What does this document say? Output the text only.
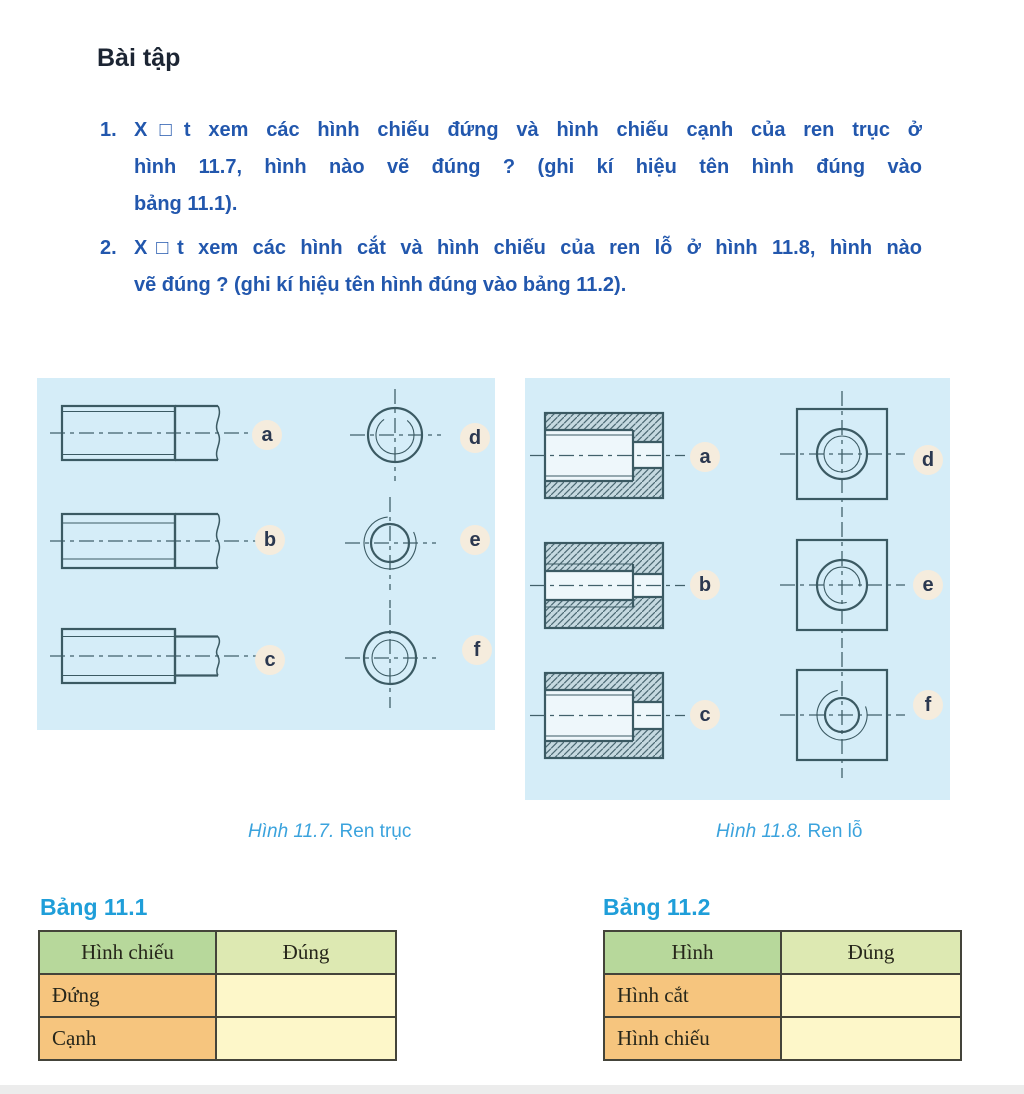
Bài tập
1. X□t xem các hình chiếu đứng và hình chiếu cạnh của ren trục ở
hình 11.7, hình nào vẽ đúng ? (ghi kí hiệu tên hình đúng vào
bảng 11.1).
2. X□t xem các hình cắt và hình chiếu của ren lỗ ở hình 11.8, hình nào
vẽ đúng ? (ghi kí hiệu tên hình đúng vào bảng 11.2).
a
b
c
d
e
f
a
b
c
d
e
f
Hình 11.7. Ren trục	Hình 11.8. Ren lỗ
Bảng 11.1	Bảng 11.2
Hình chiếu	Đúng
Đứng	
Cạnh	
Hình	Đúng
Hình cắt	
Hình chiếu	
